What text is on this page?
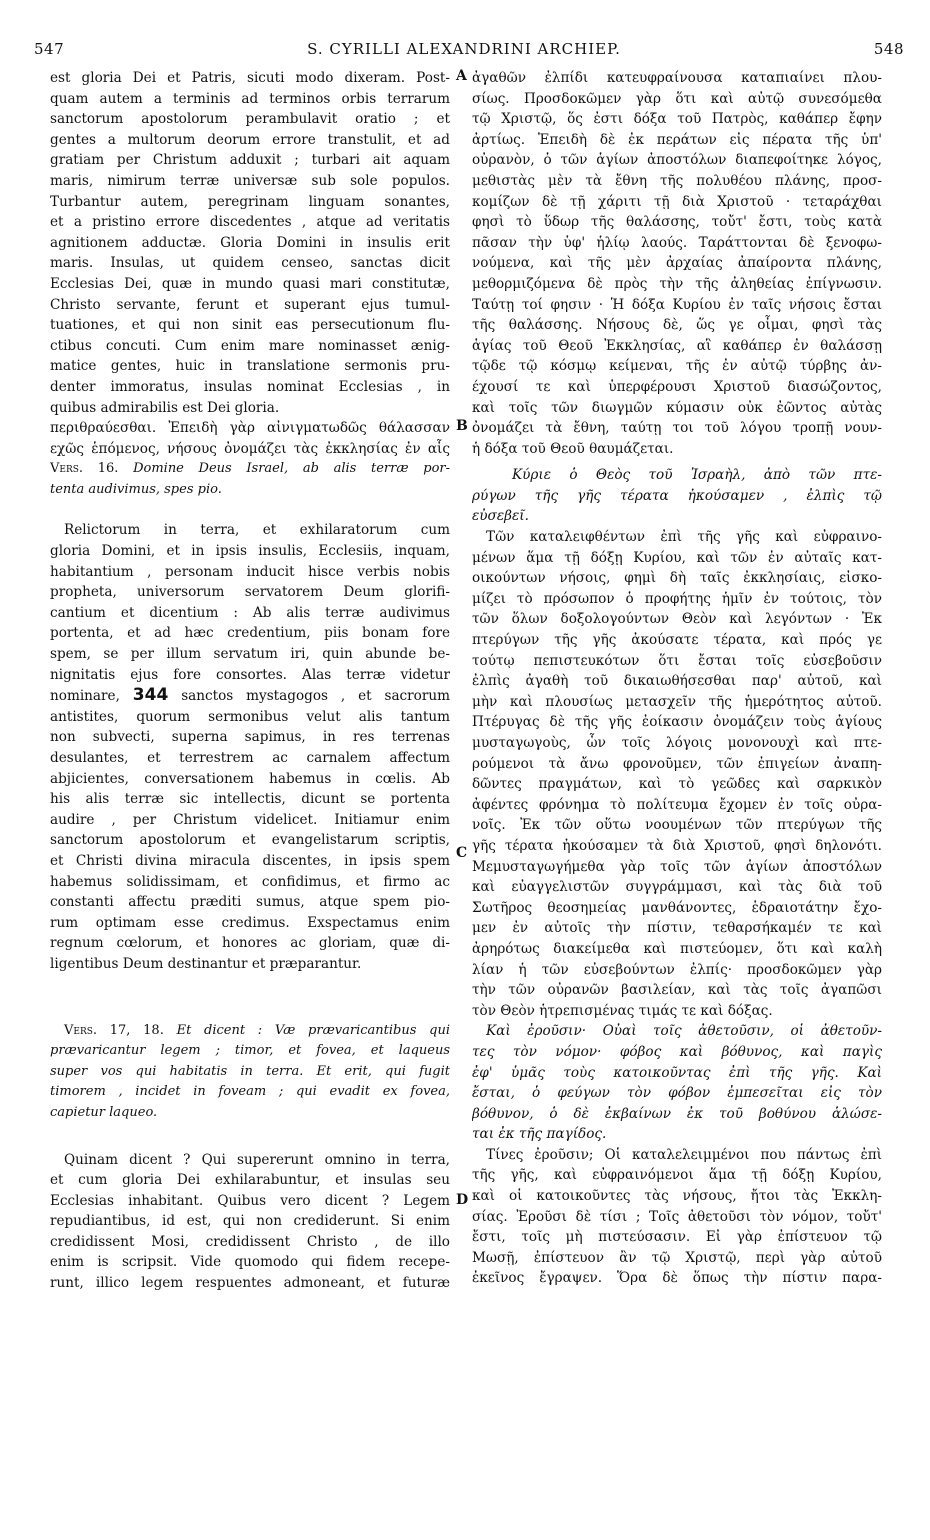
547	S. CYRILLI ALEXANDRINI ARCHIEP.	548
A
B
C
D
est gloria Dei et Patris, sicuti modo dixeram. Post-
quam autem a terminis ad terminos orbis terrarum
sanctorum apostolorum perambulavit oratio ; et
gentes a multorum deorum errore transtulit, et ad
gratiam per Christum adduxit ; turbari ait aquam
maris, nimirum terræ universæ sub sole populos.
Turbantur autem, peregrinam linguam sonantes,
et a pristino errore discedentes , atque ad veritatis
agnitionem adductæ. Gloria Domini in insulis erit
maris. Insulas, ut quidem censeo, sanctas dicit
Ecclesias Dei, quæ in mundo quasi mari constitutæ,
Christo servante, ferunt et superant ejus tumul-
tuationes, et qui non sinit eas persecutionum flu-
ctibus concuti. Cum enim mare nominasset ænig-
matice gentes, huic in translatione sermonis pru-
denter immoratus, insulas nominat Ecclesias , in
quibus admirabilis est Dei gloria.
περιθραύεσθαι. Ἐπειδὴ γὰρ αἰνιγματωδῶς θάλασσαν
εχῶς ἑπόμενος, νήσους ὀνομάζει τὰς ἐκκλησίας ἐν αἷς
Vers. 16. Domine Deus Israel, ab alis terræ por-
tenta audivimus, spes pio.
Relictorum in terra, et exhilaratorum cum
gloria Domini, et in ipsis insulis, Ecclesiis, inquam,
habitantium , personam inducit hisce verbis nobis
propheta, universorum servatorem Deum glorifi-
cantium et dicentium : Ab alis terræ audivimus
portenta, et ad hæc credentium, piis bonam fore
spem, se per illum servatum iri, quin abunde be-
nignitatis ejus fore consortes. Alas terræ videtur
nominare, 344 sanctos mystagogos , et sacrorum
antistites, quorum sermonibus velut alis tantum
non subvecti, superna sapimus, in res terrenas
desulantes, et terrestrem ac carnalem affectum
abjicientes, conversationem habemus in cœlis. Ab
his alis terræ sic intellectis, dicunt se portenta
audire , per Christum videlicet. Initiamur enim
sanctorum apostolorum et evangelistarum scriptis,
et Christi divina miracula discentes, in ipsis spem
habemus solidissimam, et confidimus, et firmo ac
constanti affectu præditi sumus, atque spem pio-
rum optimam esse credimus. Exspectamus enim
regnum cœlorum, et honores ac gloriam, quæ di-
ligentibus Deum destinantur et præparantur.
Vers. 17, 18. Et dicent : Væ prævaricantibus qui
prævaricantur legem ; timor, et fovea, et laqueus
super vos qui habitatis in terra. Et erit, qui fugit
timorem , incidet in foveam ; qui evadit ex fovea,
capietur laqueo.
Quinam dicent ? Qui supererunt omnino in terra,
et cum gloria Dei exhilarabuntur, et insulas seu
Ecclesias inhabitant. Quibus vero dicent ? Legem
repudiantibus, id est, qui non crediderunt. Si enim
credidissent Mosi, credidissent Christo , de illo
enim is scripsit. Vide quomodo qui fidem recepe-
runt, illico legem respuentes admoneant, et futuræ
ἀγαθῶν ἐλπίδι κατευφραίνουσα καταπιαίνει πλου-
σίως. Προσδοκῶμεν γὰρ ὅτι καὶ αὐτῷ συνεσόμεθα
τῷ Χριστῷ, ὅς ἐστι δόξα τοῦ Πατρὸς, καθάπερ ἔφην
ἀρτίως. Ἐπειδὴ δὲ ἐκ περάτων εἰς πέρατα τῆς ὑπ'
οὐρανὸν, ὁ τῶν ἁγίων ἀποστόλων διαπεφοίτηκε λόγος,
μεθιστὰς μὲν τὰ ἔθνη τῆς πολυθέου πλάνης, προσ-
κομίζων δὲ τῇ χάριτι τῇ διὰ Χριστοῦ · τεταράχθαι
φησὶ τὸ ὕδωρ τῆς θαλάσσης, τοὔτ' ἔστι, τοὺς κατὰ
πᾶσαν τὴν ὑφ' ἡλίῳ λαούς. Ταράττονται δὲ ξενοφω-
νούμενα, καὶ τῆς μὲν ἀρχαίας ἀπαίροντα πλάνης,
μεθορμιζόμενα δὲ πρὸς τὴν τῆς ἀληθείας ἐπίγνωσιν.
Ταύτῃ τοί φησιν · Ἡ δόξα Κυρίου ἐν ταῖς νήσοις ἔσται
τῆς θαλάσσης. Νήσους δὲ, ὥς γε οἶμαι, φησὶ τὰς
ἁγίας τοῦ Θεοῦ Ἐκκλησίας, αἳ καθάπερ ἐν θαλάσσῃ
τῷδε τῷ κόσμῳ κείμεναι, τῆς ἐν αὐτῷ τύρβης ἀν-
έχουσί τε καὶ ὑπερφέρουσι Χριστοῦ διασώζοντος,
καὶ τοῖς τῶν διωγμῶν κύμασιν οὐκ ἐῶντος αὐτὰς
ὀνομάζει τὰ ἔθνη, ταύτῃ τοι τοῦ λόγου τροπῇ νουν-
ἡ δόξα τοῦ Θεοῦ θαυμάζεται.
Κύριε ὁ Θεὸς τοῦ Ἰσραὴλ, ἀπὸ τῶν πτε-
ρύγων τῆς γῆς τέρατα ἠκούσαμεν , ἐλπὶς τῷ
εὐσεβεῖ.
Τῶν καταλειφθέντων ἐπὶ τῆς γῆς καὶ εὐφραινο-
μένων ἅμα τῇ δόξῃ Κυρίου, καὶ τῶν ἐν αὐταῖς κατ-
οικούντων νήσοις, φημὶ δὴ ταῖς ἐκκλησίαις, εἰσκο-
μίζει τὸ πρόσωπον ὁ προφήτης ἡμῖν ἐν τούτοις, τὸν
τῶν ὅλων δοξολογούντων Θεὸν καὶ λεγόντων · Ἐκ
πτερύγων τῆς γῆς ἀκούσατε τέρατα, καὶ πρός γε
τούτῳ πεπιστευκότων ὅτι ἔσται τοῖς εὐσεβοῦσιν
ἐλπὶς ἀγαθὴ τοῦ δικαιωθήσεσθαι παρ' αὐτοῦ, καὶ
μὴν καὶ πλουσίως μετασχεῖν τῆς ἡμερότητος αὐτοῦ.
Πτέρυγας δὲ τῆς γῆς ἐοίκασιν ὀνομάζειν τοὺς ἁγίους
μυσταγωγοὺς, ὧν τοῖς λόγοις μονονουχὶ καὶ πτε-
ρούμενοι τὰ ἄνω φρονοῦμεν, τῶν ἐπιγείων ἀναπη-
δῶντες πραγμάτων, καὶ τὸ γεῶδες καὶ σαρκικὸν
ἀφέντες φρόνημα τὸ πολίτευμα ἔχομεν ἐν τοῖς οὐρα-
νοῖς. Ἐκ τῶν οὕτω νοουμένων τῶν πτερύγων τῆς
γῆς τέρατα ἠκούσαμεν τὰ διὰ Χριστοῦ, φησὶ δηλονότι.
Μεμυσταγωγήμεθα γὰρ τοῖς τῶν ἁγίων ἀποστόλων
καὶ εὐαγγελιστῶν συγγράμμασι, καὶ τὰς διὰ τοῦ
Σωτῆρος θεοσημείας μανθάνοντες, ἑδραιοτάτην ἔχο-
μεν ἐν αὐτοῖς τὴν πίστιν, τεθαρσήκαμέν τε καὶ
ἀρηρότως διακείμεθα καὶ πιστεύομεν, ὅτι καὶ καλὴ
λίαν ἡ τῶν εὐσεβούντων ἐλπίς· προσδοκῶμεν γὰρ
τὴν τῶν οὐρανῶν βασιλείαν, καὶ τὰς τοῖς ἀγαπῶσι
τὸν Θεὸν ἡτρεπισμένας τιμάς τε καὶ δόξας.
Καὶ ἐροῦσιν· Οὐαὶ τοῖς ἀθετοῦσιν, οἱ ἀθετοῦν-
τες τὸν νόμον· φόβος καὶ βόθυνος, καὶ παγὶς
ἐφ' ὑμᾶς τοὺς κατοικοῦντας ἐπὶ τῆς γῆς. Καὶ
ἔσται, ὁ φεύγων τὸν φόβον ἐμπεσεῖται εἰς τὸν
βόθυνον, ὁ δὲ ἐκβαίνων ἐκ τοῦ βοθύνου ἁλώσε-
ται ἐκ τῆς παγίδος.
Τίνες ἐροῦσιν; Οἱ καταλελειμμένοι που πάντως ἐπὶ
τῆς γῆς, καὶ εὐφραινόμενοι ἅμα τῇ δόξῃ Κυρίου,
καὶ οἱ κατοικοῦντες τὰς νήσους, ἤτοι τὰς Ἐκκλη-
σίας. Ἐροῦσι δὲ τίσι ; Τοῖς ἀθετοῦσι τὸν νόμον, τοὔτ'
ἔστι, τοῖς μὴ πιστεύσασιν. Εἰ γὰρ ἐπίστευον τῷ
Μωσῇ, ἐπίστευον ἂν τῷ Χριστῷ, περὶ γὰρ αὐτοῦ
ἐκεῖνος ἔγραψεν. Ὅρα δὲ ὅπως τὴν πίστιν παρα-
